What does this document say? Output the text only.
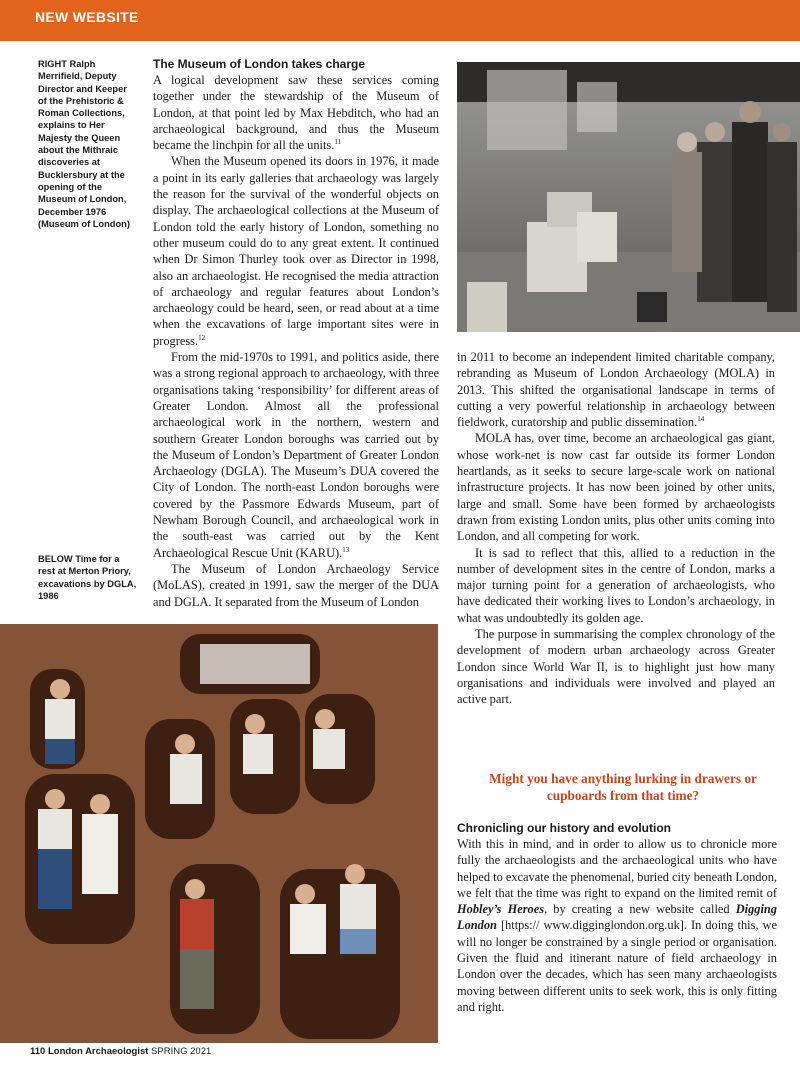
NEW WEBSITE
RIGHT Ralph Merrifield, Deputy Director and Keeper of the Prehistoric & Roman Collections, explains to Her Majesty the Queen about the Mithraic discoveries at Bucklersbury at the opening of the Museum of London, December 1976 (Museum of London)
BELOW Time for a rest at Merton Priory, excavations by DGLA, 1986
The Museum of London takes charge

A logical development saw these services coming together under the stewardship of the Museum of London, at that point led by Max Hebditch, who had an archaeological background, and thus the Museum became the linchpin for all the units.$^{11}$

When the Museum opened its doors in 1976, it made a point in its early galleries that archaeology was largely the reason for the survival of the wonderful objects on display. The archaeological collections at the Museum of London told the early history of London, something no other museum could do to any great extent. It continued when Dr Simon Thurley took over as Director in 1998, also an archaeologist. He recognised the media attraction of archaeology and regular features about London’s archaeology could be heard, seen, or read about at a time when the excavations of large important sites were in progress.$^{12}$

From the mid-1970s to 1991, and politics aside, there was a strong regional approach to archaeology, with three organisations taking ‘responsibility’ for different areas of Greater London. Almost all the professional archaeological work in the northern, western and southern Greater London boroughs was carried out by the Museum of London’s Department of Greater London Archaeology (DGLA). The Museum’s DUA covered the City of London. The north-east London boroughs were covered by the Passmore Edwards Museum, part of Newham Borough Council, and archaeological work in the south-east was carried out by the Kent Archaeological Rescue Unit (KARU).$^{13}$

The Museum of London Archaeology Service (MoLAS), created in 1991, saw the merger of the DUA and DGLA. It separated from the Museum of London

in 2011 to become an independent limited charitable company, rebranding as Museum of London Archaeology (MOLA) in 2013. This shifted the organisational landscape in terms of cutting a very powerful relationship in archaeology between fieldwork, curatorship and public dissemination.$^{14}$

MOLA has, over time, become an archaeological gas giant, whose work-net is now cast far outside its former London heartlands, as it seeks to secure large-scale work on national infrastructure projects. It has now been joined by other units, large and small. Some have been formed by archaeologists drawn from existing London units, plus other units coming into London, and all competing for work.

It is sad to reflect that this, allied to a reduction in the number of development sites in the centre of London, marks a major turning point for a generation of archaeologists, who have dedicated their working lives to London’s archaeology, in what was undoubtedly its golden age.

The purpose in summarising the complex chronology of the development of modern urban archaeology across Greater London since World War II, is to highlight just how many organisations and individuals were involved and played an active part.

Might you have anything lurking in drawers or cupboards from that time?
Chronicling our history and evolution

With this in mind, and in order to allow us to chronicle more fully the archaeologists and the archaeological units who have helped to excavate the phenomenal, buried city beneath London, we felt that the time was right to expand on the limited remit of Hobley’s Heroes, by creating a new website called Digging London [https:// www.digginglondon.org.uk]. In doing this, we will no longer be constrained by a single period or organisation. Given the fluid and itinerant nature of field archaeology in London over the decades, which has seen many archaeologists moving between different units to seek work, this is only fitting and right.

110 London Archaeologist SPRING 2021
